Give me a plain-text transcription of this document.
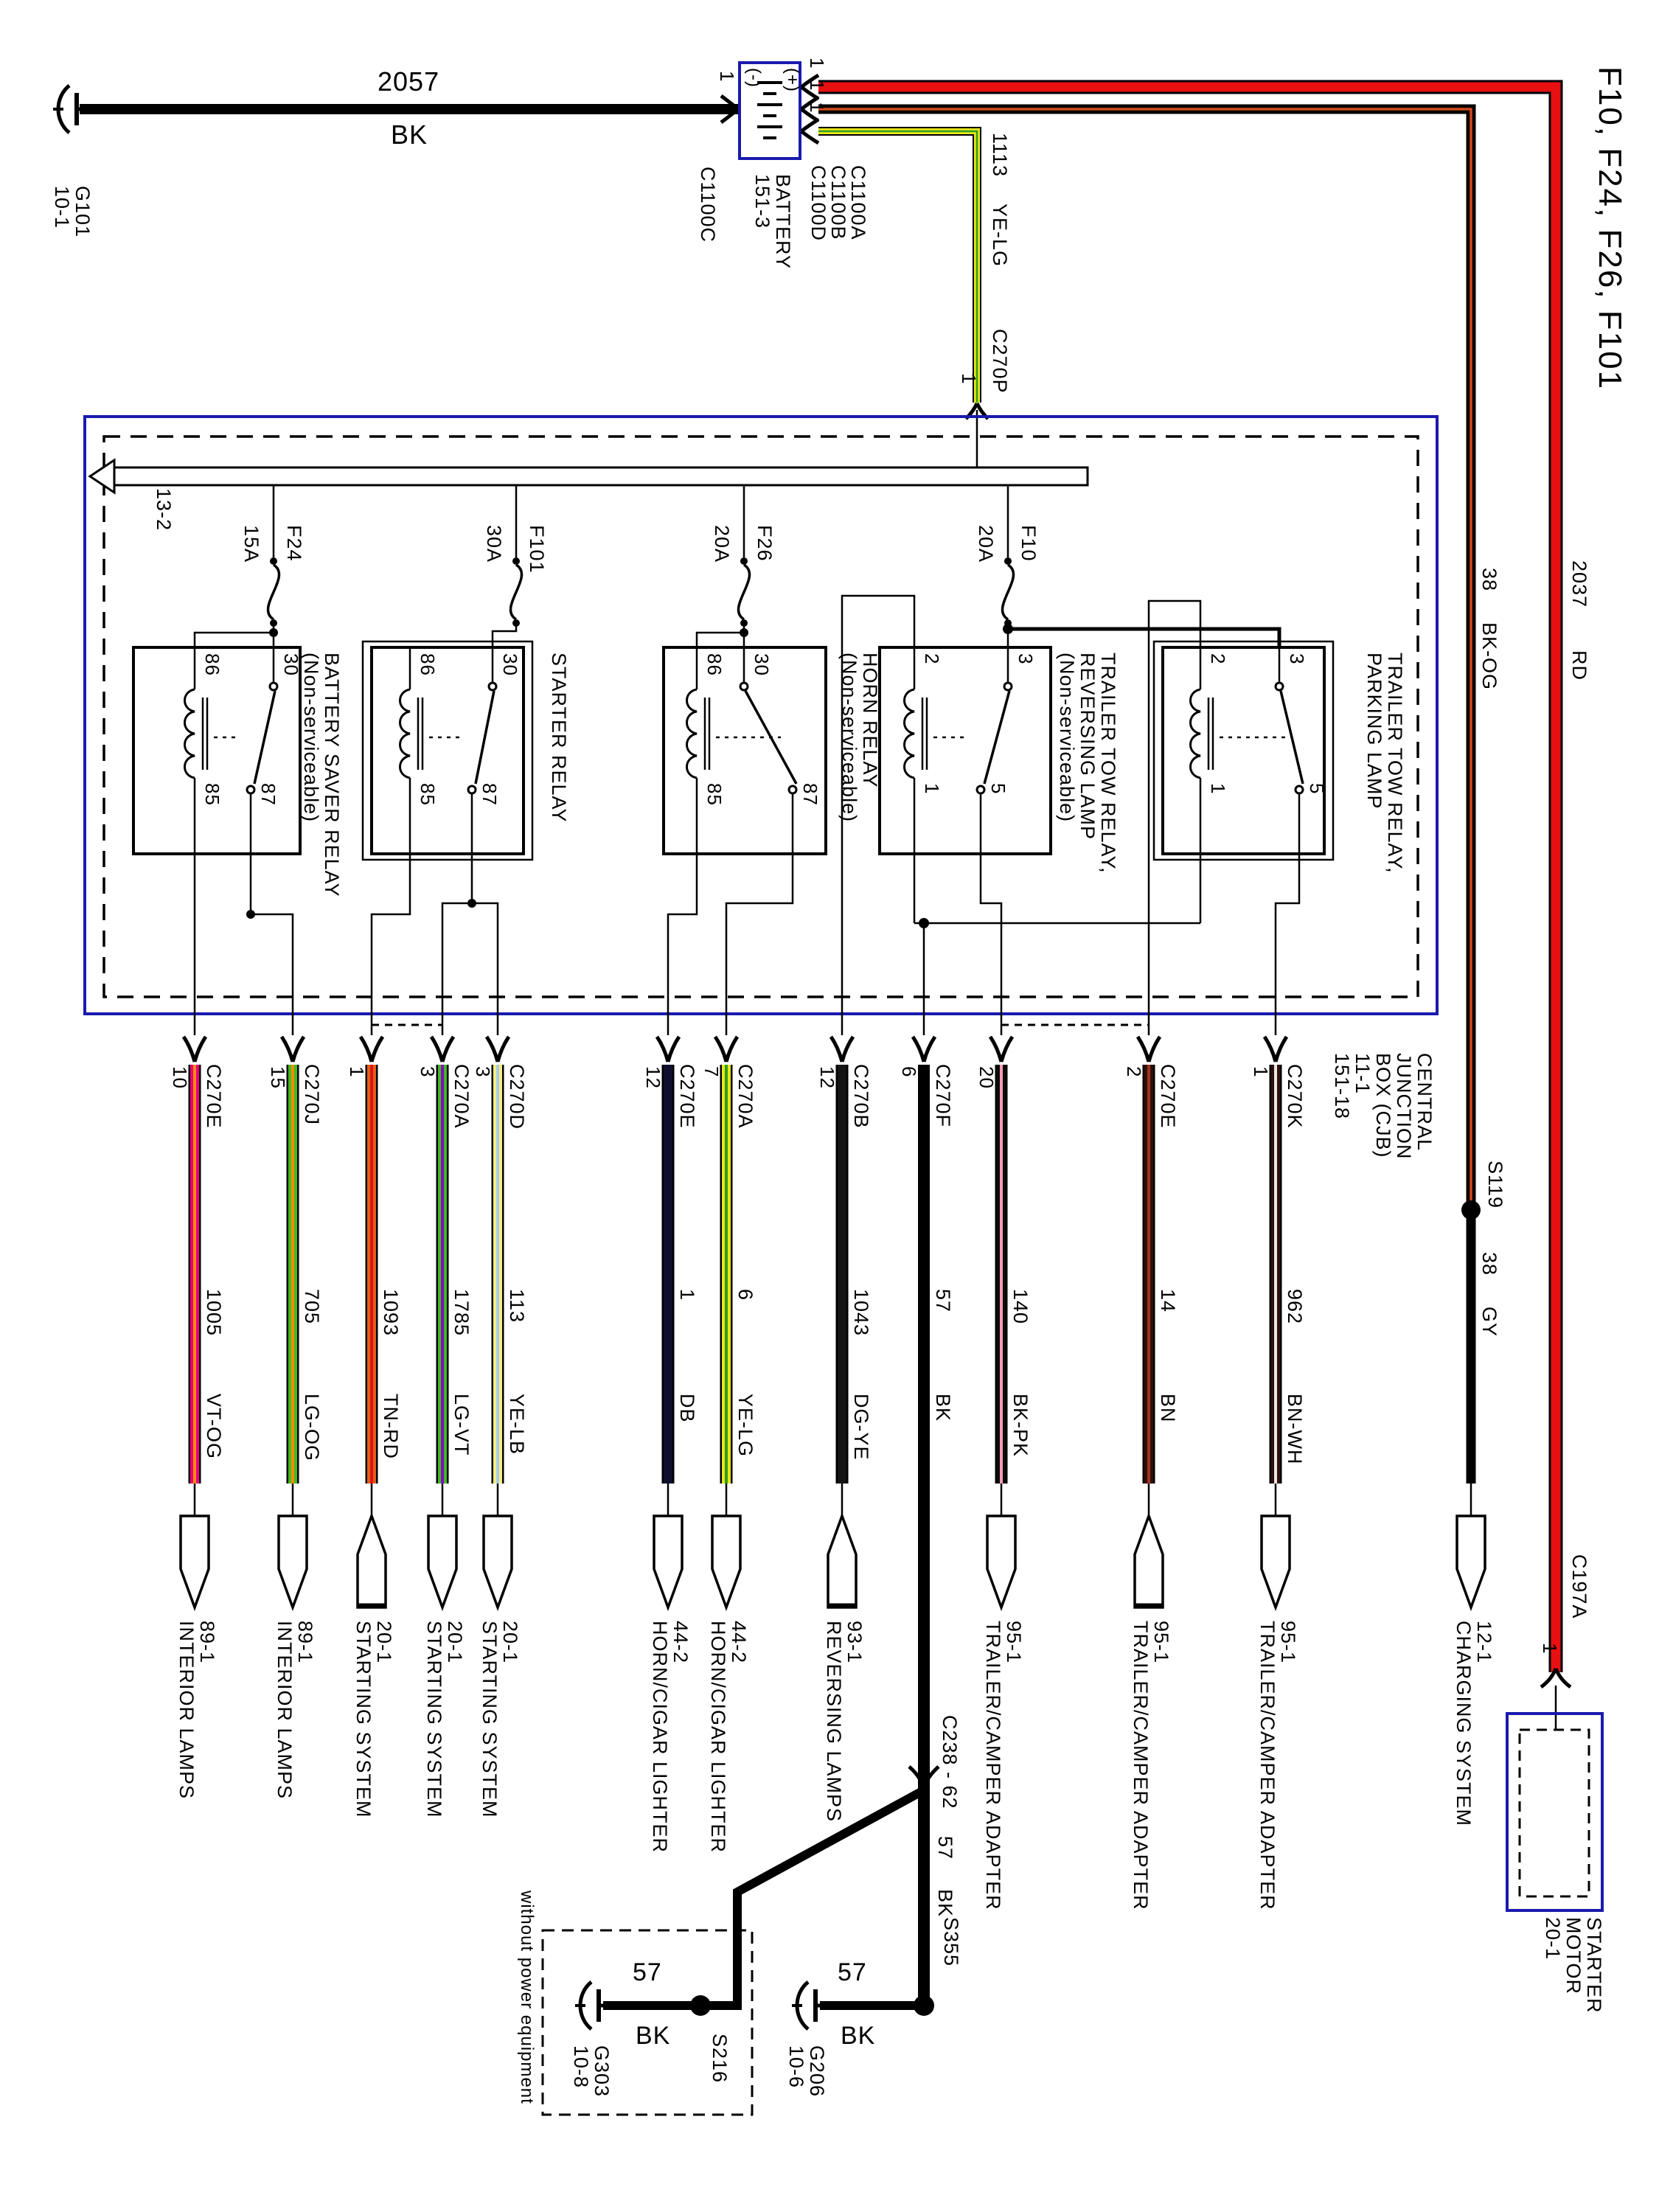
G101
10-1
2057
BK
1
C1100C
(-) (+)
BATTERY
151-3
1
1
1
C1100A
C1100B
C1100D	F10, F24, F26, F101
2037
RD
38
BK-OG
S119
38
GY
1113
YE-LG
C270P
1
13-2
CENTRAL
JUNCTION
BOX (CJB)
11-1
151-18
12-1
CHARGING SYSTEM
C197A
1
STARTER
MOTOR
20-1
C238 - 62
57
BK
S355
S216
57
BK
57
BK
G206
10-6
G303
10-8
without power equipment
F24
15A	F101
30A	F26
20A	F10
20A
86	30
85 87 BATTERY SAVER RELAY
(Non-serviceable)	86	30
85 87 STARTER RELAY	86 30
85	87
HORN RELAY
(Non-serviceable)	2	3
1 5	TRAILER TOW RELAY,
REVERSING LAMP
(Non-serviceable)	2	3
1	5	TRAILER TOW RELAY,
PARKING LAMP
10 C270E
1005
VT-OG
89-1
INTERIOR LAMPS
15 C270J
705
LG-OG
89-1
INTERIOR LAMPS
1
1093
TN-RD
20-1
STARTING SYSTEM
3 C270A
1785
LG-VT
20-1
STARTING SYSTEM
3 C270D
113
YE-LB
20-1
STARTING SYSTEM
12 C270E
1
DB
44-2
HORN/CIGAR LIGHTER
7 C270A
6
YE-LG
44-2
HORN/CIGAR LIGHTER
12 C270B
1043
DG-YE
93-1
REVERSING LAMPS
6 C270F
57
BK
20
140
BK-PK
95-1
TRAILER/CAMPER ADAPTER
2 C270E
14
BN
95-1
TRAILER/CAMPER ADAPTER
1 C270K
962
BN-WH
95-1
TRAILER/CAMPER ADAPTER
